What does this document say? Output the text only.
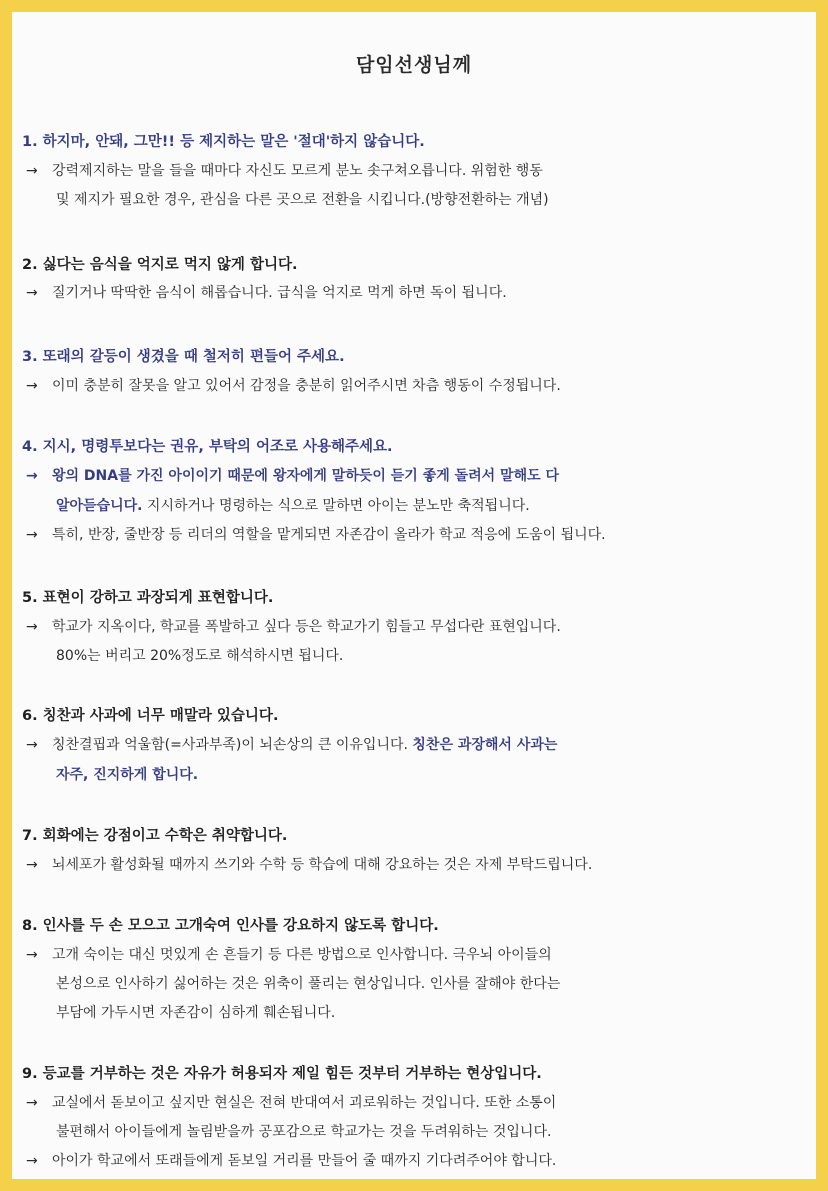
담임선생님께
1. 하지마, 안돼, 그만!! 등 제지하는 말은 '절대'하지 않습니다.
→ 강력제지하는 말을 들을 때마다 자신도 모르게 분노 솟구쳐오릅니다. 위험한 행동
및 제지가 필요한 경우, 관심을 다른 곳으로 전환을 시킵니다.(방향전환하는 개념)
2. 싫다는 음식을 억지로 먹지 않게 합니다.
→ 질기거나 딱딱한 음식이 해롭습니다. 급식을 억지로 먹게 하면 독이 됩니다.
3. 또래의 갈등이 생겼을 때 철저히 편들어 주세요.
→ 이미 충분히 잘못을 알고 있어서 감정을 충분히 읽어주시면 차츰 행동이 수정됩니다.
4. 지시, 명령투보다는 권유, 부탁의 어조로 사용해주세요.
→ 왕의 DNA를 가진 아이이기 때문에 왕자에게 말하듯이 듣기 좋게 돌려서 말해도 다
알아듣습니다. 지시하거나 명령하는 식으로 말하면 아이는 분노만 축적됩니다.
→ 특히, 반장, 줄반장 등 리더의 역할을 맡게되면 자존감이 올라가 학교 적응에 도움이 됩니다.
5. 표현이 강하고 과장되게 표현합니다.
→ 학교가 지옥이다, 학교를 폭발하고 싶다 등은 학교가기 힘들고 무섭다란 표현입니다.
80%는 버리고 20%정도로 해석하시면 됩니다.
6. 칭찬과 사과에 너무 매말라 있습니다.
→ 칭찬결핍과 억울함(=사과부족)이 뇌손상의 큰 이유입니다. 칭찬은 과장해서 사과는
자주, 진지하게 합니다.
7. 회화에는 강점이고 수학은 취약합니다.
→ 뇌세포가 활성화될 때까지 쓰기와 수학 등 학습에 대해 강요하는 것은 자제 부탁드립니다.
8. 인사를 두 손 모으고 고개숙여 인사를 강요하지 않도록 합니다.
→ 고개 숙이는 대신 멋있게 손 흔들기 등 다른 방법으로 인사합니다. 극우뇌 아이들의
본성으로 인사하기 싫어하는 것은 위축이 풀리는 현상입니다. 인사를 잘해야 한다는
부담에 가두시면 자존감이 심하게 훼손됩니다.
9. 등교를 거부하는 것은 자유가 허용되자 제일 힘든 것부터 거부하는 현상입니다.
→ 교실에서 돋보이고 싶지만 현실은 전혀 반대여서 괴로워하는 것입니다. 또한 소통이
불편해서 아이들에게 놀림받을까 공포감으로 학교가는 것을 두려워하는 것입니다.
→ 아이가 학교에서 또래들에게 돋보일 거리를 만들어 줄 때까지 기다려주어야 합니다.
